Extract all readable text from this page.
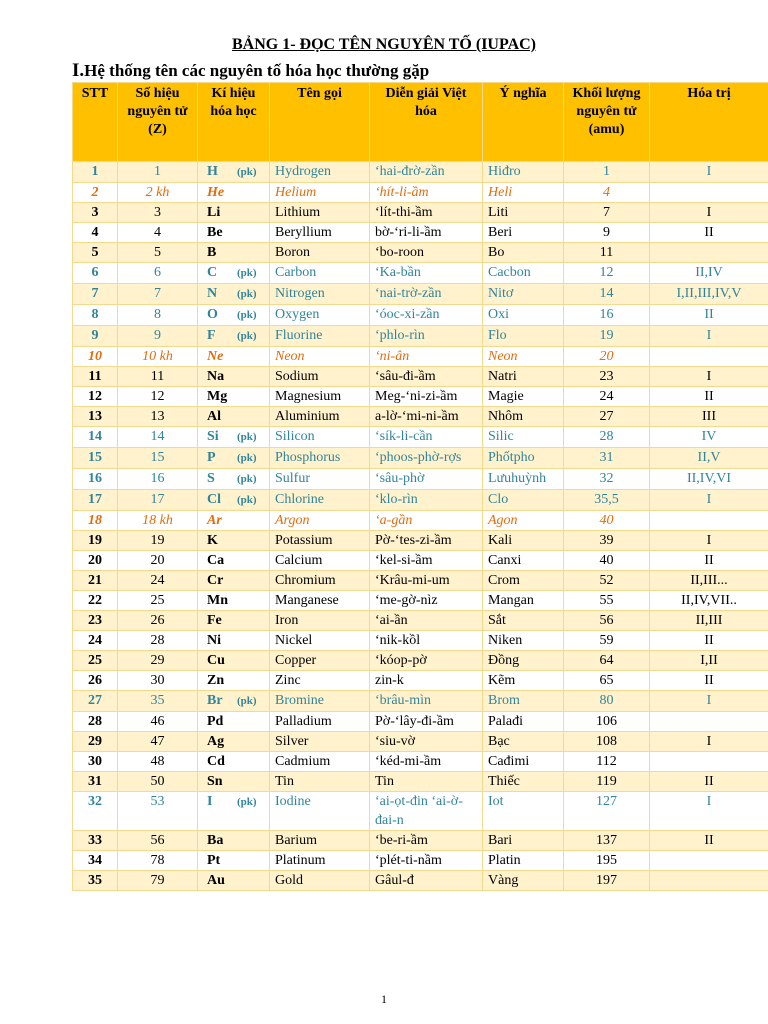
BẢNG 1- ĐỌC TÊN NGUYÊN TỐ (IUPAC)
I.Hệ thống tên các nguyên tố hóa học thường gặp
STT	Số hiệu nguyên tử (Z)	Kí hiệu hóa học	Tên gọi	Diễn giải Việt hóa	Ý nghĩa	Khối lượng nguyên tử (amu)	Hóa trị
1	1	H (pk)	Hydrogen	‘hai-đrờ-zần	Hiđro	1	I
2	2 kh	He	Helium	‘hít-li-ầm	Heli	4	
3	3	Li	Lithium	‘lít-thi-ầm	Liti	7	I
4	4	Be	Beryllium	bờ-‘ri-li-ầm	Beri	9	II
5	5	B	Boron	‘bo-roon	Bo	11	
6	6	C (pk)	Carbon	‘Ka-bần	Cacbon	12	II,IV
7	7	N (pk)	Nitrogen	‘nai-trờ-zần	Nitơ	14	I,II,III,IV,V
8	8	O (pk)	Oxygen	‘óoc-xi-zần	Oxi	16	II
9	9	F (pk)	Fluorine	‘phlo-rìn	Flo	19	I
10	10 kh	Ne	Neon	‘ni-ân	Neon	20	
11	11	Na	Sodium	‘sâu-đi-ầm	Natri	23	I
12	12	Mg	Magnesium	Meg-‘ni-zi-ầm	Magie	24	II
13	13	Al	Aluminium	a-lờ-‘mi-ni-ầm	Nhôm	27	III
14	14	Si (pk)	Silicon	‘sík-li-cần	Silic	28	IV
15	15	P (pk)	Phosphorus	‘phoos-phờ-rợs	Phốtpho	31	II,V
16	16	S (pk)	Sulfur	‘sâu-phờ	Lưuhuỳnh	32	II,IV,VI
17	17	Cl (pk)	Chlorine	‘klo-rìn	Clo	35,5	I
18	18 kh	Ar	Argon	‘a-gần	Agon	40	
19	19	K	Potassium	Pờ-‘tes-zi-ầm	Kali	39	I
20	20	Ca	Calcium	‘kel-si-ầm	Canxi	40	II
21	24	Cr	Chromium	‘Krâu-mi-um	Crom	52	II,III...
22	25	Mn	Manganese	‘me-gờ-nìz	Mangan	55	II,IV,VII..
23	26	Fe	Iron	‘ai-ần	Sắt	56	II,III
24	28	Ni	Nickel	‘nik-kồl	Niken	59	II
25	29	Cu	Copper	‘kóop-pờ	Đồng	64	I,II
26	30	Zn	Zinc	zin-k	Kẽm	65	II
27	35	Br (pk)	Bromine	‘brâu-mìn	Brom	80	I
28	46	Pd	Palladium	Pờ-‘lây-đi-ầm	Palađi	106	
29	47	Ag	Silver	‘siu-vờ	Bạc	108	I
30	48	Cd	Cadmium	‘kéd-mi-ầm	Cađimi	112	
31	50	Sn	Tin	Tin	Thiếc	119	II
32	53	I (pk)	Iodine	‘ai-ọt-đin ‘ai-ờ-đai-n	Iot	127	I
33	56	Ba	Barium	‘be-ri-ầm	Bari	137	II
34	78	Pt	Platinum	‘plét-ti-nầm	Platin	195	
35	79	Au	Gold	Gâul-đ	Vàng	197	
1
